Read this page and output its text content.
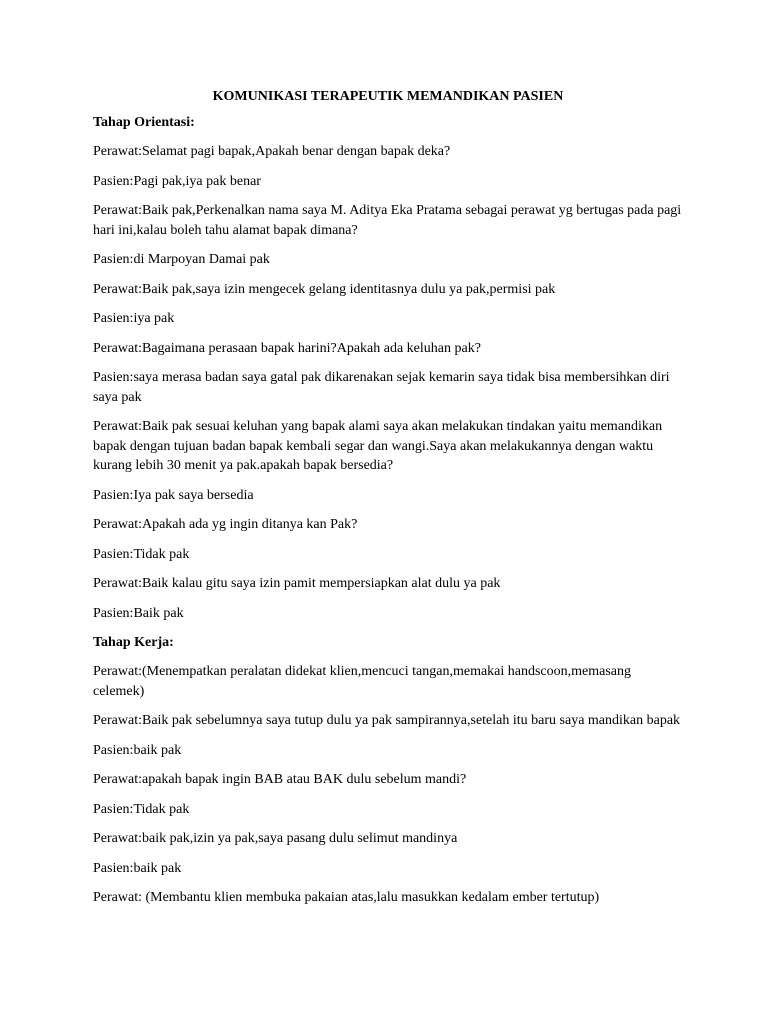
KOMUNIKASI TERAPEUTIK MEMANDIKAN PASIEN

Tahap Orientasi:

Perawat:Selamat pagi bapak,Apakah benar dengan bapak deka?

Pasien:Pagi pak,iya pak benar

Perawat:Baik pak,Perkenalkan nama saya M. Aditya Eka Pratama sebagai perawat yg bertugas pada pagi hari ini,kalau boleh tahu alamat bapak dimana?

Pasien:di Marpoyan Damai pak

Perawat:Baik pak,saya izin mengecek gelang identitasnya dulu ya pak,permisi pak

Pasien:iya pak

Perawat:Bagaimana perasaan bapak harini?Apakah ada keluhan pak?

Pasien:saya merasa badan saya gatal pak dikarenakan sejak kemarin saya tidak bisa membersihkan diri saya pak

Perawat:Baik pak sesuai keluhan yang bapak alami saya akan melakukan tindakan yaitu memandikan bapak dengan tujuan badan bapak kembali segar dan wangi.Saya akan melakukannya dengan waktu kurang lebih 30 menit ya pak.apakah bapak bersedia?

Pasien:Iya pak saya bersedia

Perawat:Apakah ada yg ingin ditanya kan Pak?

Pasien:Tidak pak

Perawat:Baik kalau gitu saya izin pamit mempersiapkan alat dulu ya pak

Pasien:Baik pak

Tahap Kerja:

Perawat:(Menempatkan peralatan didekat klien,mencuci tangan,memakai handscoon,memasang celemek)

Perawat:Baik pak sebelumnya saya tutup dulu ya pak sampirannya,setelah itu baru saya mandikan bapak

Pasien:baik pak

Perawat:apakah bapak ingin BAB atau BAK dulu sebelum mandi?

Pasien:Tidak pak

Perawat:baik pak,izin ya pak,saya pasang dulu selimut mandinya

Pasien:baik pak

Perawat: (Membantu klien membuka pakaian atas,lalu masukkan kedalam ember tertutup)
